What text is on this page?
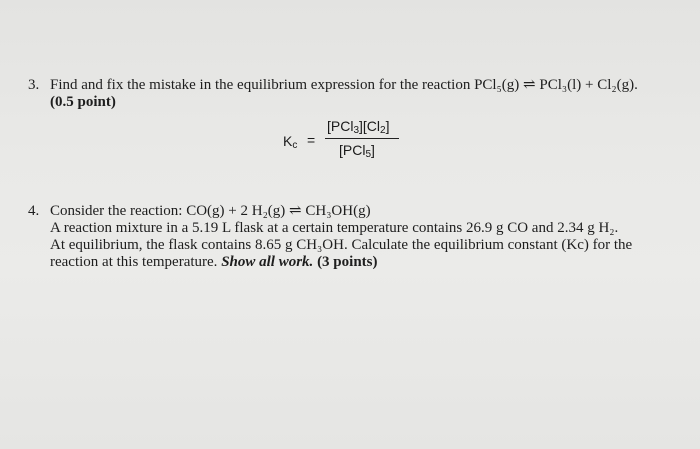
3. Find and fix the mistake in the equilibrium expression for the reaction PCl₅(g) ⇌ PCl₃(l) + Cl₂(g).
(0.5 point)
$K_c$ =
$[PCl_3][Cl_2]$
[PCl$_5$]
4. Consider the reaction: CO(g) + 2 H₂(g) ⇌ CH₃OH(g)
A reaction mixture in a 5.19 L flask at a certain temperature contains 26.9 g CO and 2.34 g H₂.
At equilibrium, the flask contains 8.65 g CH₃OH. Calculate the equilibrium constant (Kc) for the
reaction at this temperature. Show all work. (3 points)
